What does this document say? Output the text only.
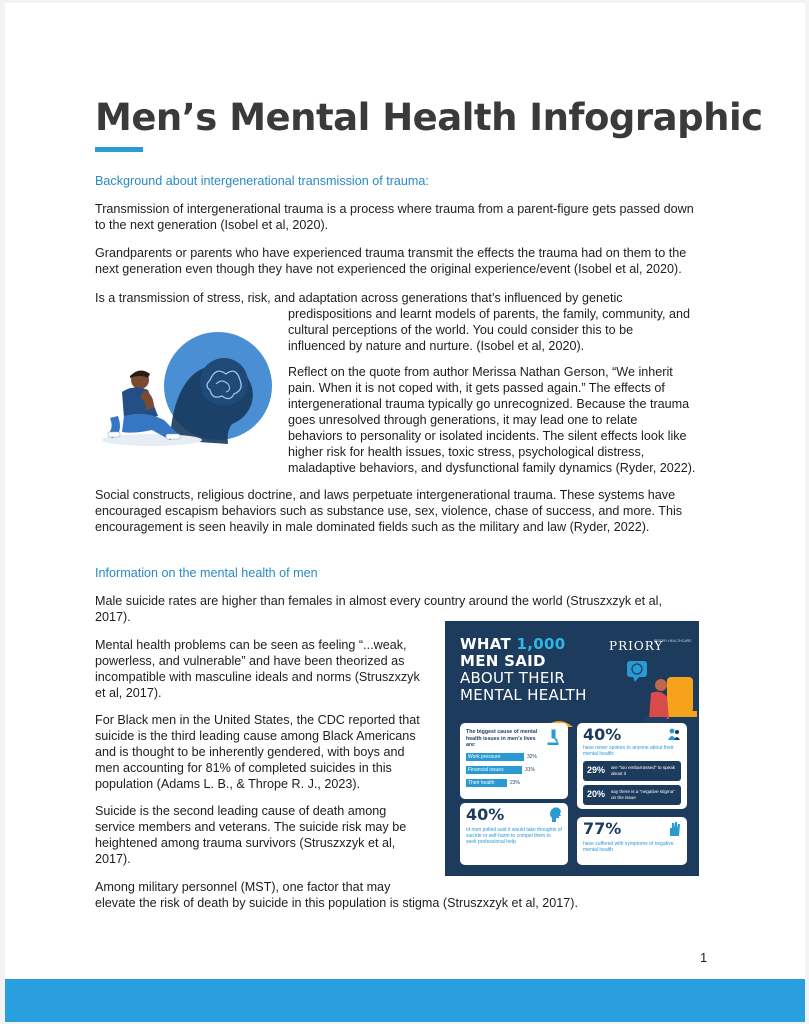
Men’s Mental Health Infographic
Background about intergenerational transmission of trauma:

Transmission of intergenerational trauma is a process where trauma from a parent-figure gets passed down
to the next generation (Isobel et al, 2020).

Grandparents or parents who have experienced trauma transmit the effects the trauma had on them to the
next generation even though they have not experienced the original experience/event (Isobel et al, 2020).

Is a transmission of stress, risk, and adaptation across generations that’s influenced by genetic

predispositions and learnt models of parents, the family, community, and
cultural perceptions of the world. You could consider this to be
influenced by nature and nurture. (Isobel et al, 2020).

Reflect on the quote from author Merissa Nathan Gerson, “We inherit
pain. When it is not coped with, it gets passed again.” The effects of
intergenerational trauma typically go unrecognized. Because the trauma
goes unresolved through generations, it may lead one to relate
behaviors to personality or isolated incidents. The silent effects look like
higher risk for health issues, toxic stress, psychological distress,
maladaptive behaviors, and dysfunctional family dynamics (Ryder, 2022).

Social constructs, religious doctrine, and laws perpetuate intergenerational trauma. These systems have
encouraged escapism behaviors such as substance use, sex, violence, chase of success, and more. This
encouragement is seen heavily in male dominated fields such as the military and law (Ryder, 2022).

Information on the mental health of men

Male suicide rates are higher than females in almost every country around the world (Struszxzyk et al,
2017).

Mental health problems can be seen as feeling “...weak,
powerless, and vulnerable” and have been theorized as
incompatible with masculine ideals and norms (Struszxzyk
et al, 2017).

For Black men in the United States, the CDC reported that
suicide is the third leading cause among Black Americans
and is thought to be inherently gendered, with boys and
men accounting for 81% of completed suicides in this
population (Adams L. B., & Thrope R. J., 2023).

Suicide is the second leading cause of death among
service members and veterans. The suicide risk may be
heightened among trauma survivors (Struszxzyk et al,
2017).

Among military personnel (MST), one factor that may
elevate the risk of death by suicide in this population is stigma (Struszxzyk et al, 2017).

WHAT 1,000
MEN SAID
ABOUT THEIR
MENTAL HEALTH
PRIORY
PRIORY HEALTHCARE
The biggest cause of mental health issues in men’s lives are:
Work pressure	32%
Financial issues	31%
Their health	23%
40%
have never spoken to anyone about their mental health:
29% are “too embarrassed” to speak about it
20% say there is a “negative stigma” on the issue
40%
of men polled said it would take thoughts of suicide or self-harm to compel them to seek professional help
77%
have suffered with symptoms of negative mental health
1
